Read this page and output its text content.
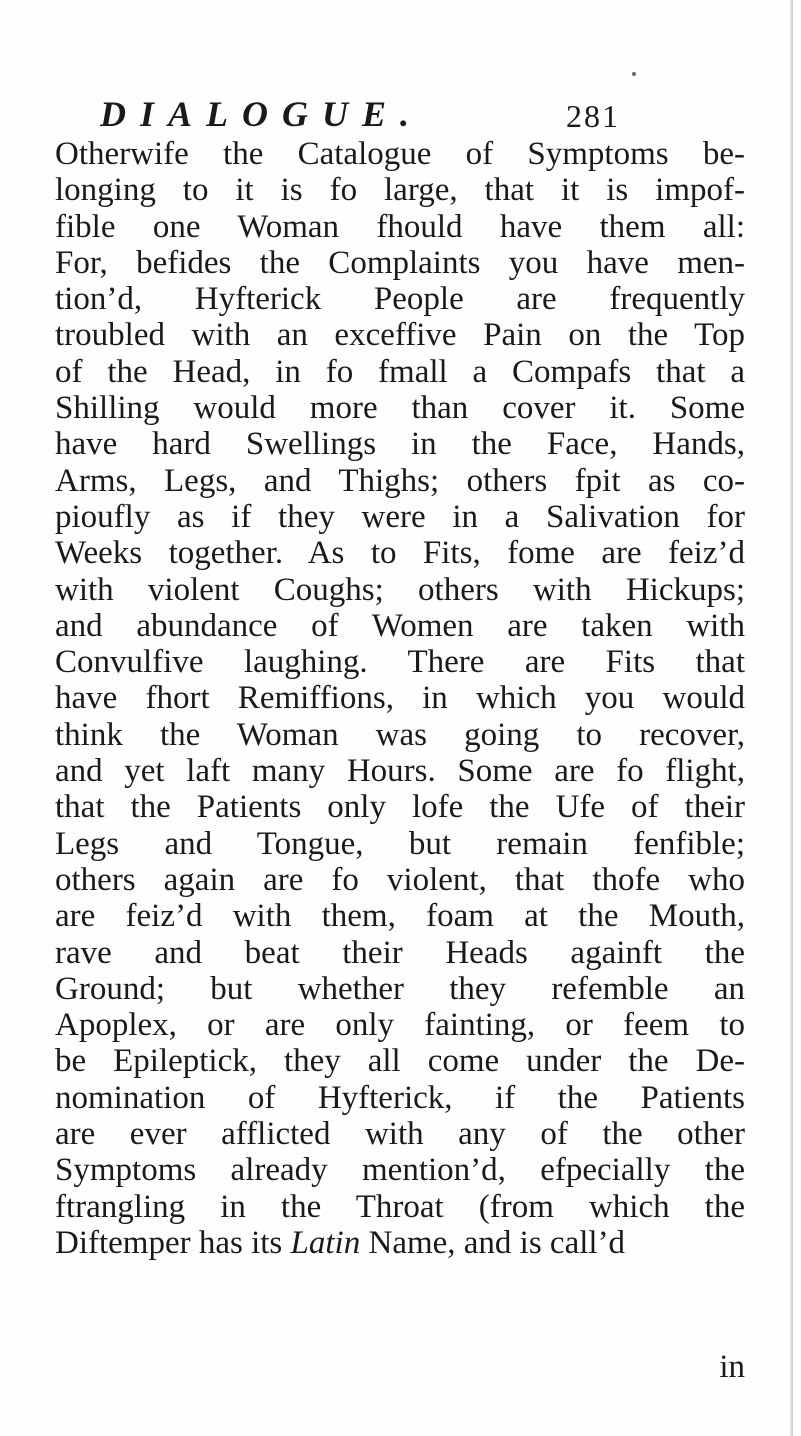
DIALOGUE.	281
Otherwife the Catalogue of Symptoms be-
longing to it is fo large, that it is impof-
fible one Woman fhould have them all:
For, befides the Complaints you have men-
tion’d, Hyfterick People are frequently
troubled with an exceffive Pain on the Top
of the Head, in fo fmall a Compafs that a
Shilling would more than cover it. Some
have hard Swellings in the Face, Hands,
Arms, Legs, and Thighs; others fpit as co-
pioufly as if they were in a Salivation for
Weeks together. As to Fits, fome are feiz’d
with violent Coughs; others with Hickups;
and abundance of Women are taken with
Convulfive laughing. There are Fits that
have fhort Remiffions, in which you would
think the Woman was going to recover,
and yet laft many Hours. Some are fo flight,
that the Patients only lofe the Ufe of their
Legs and Tongue, but remain fenfible;
others again are fo violent, that thofe who
are feiz’d with them, foam at the Mouth,
rave and beat their Heads againft the
Ground; but whether they refemble an
Apoplex, or are only fainting, or feem to
be Epileptick, they all come under the De-
nomination of Hyfterick, if the Patients
are ever afflicted with any of the other
Symptoms already mention’d, efpecially the
ftrangling in the Throat (from which the
Diftemper has its Latin Name, and is call’d
in
